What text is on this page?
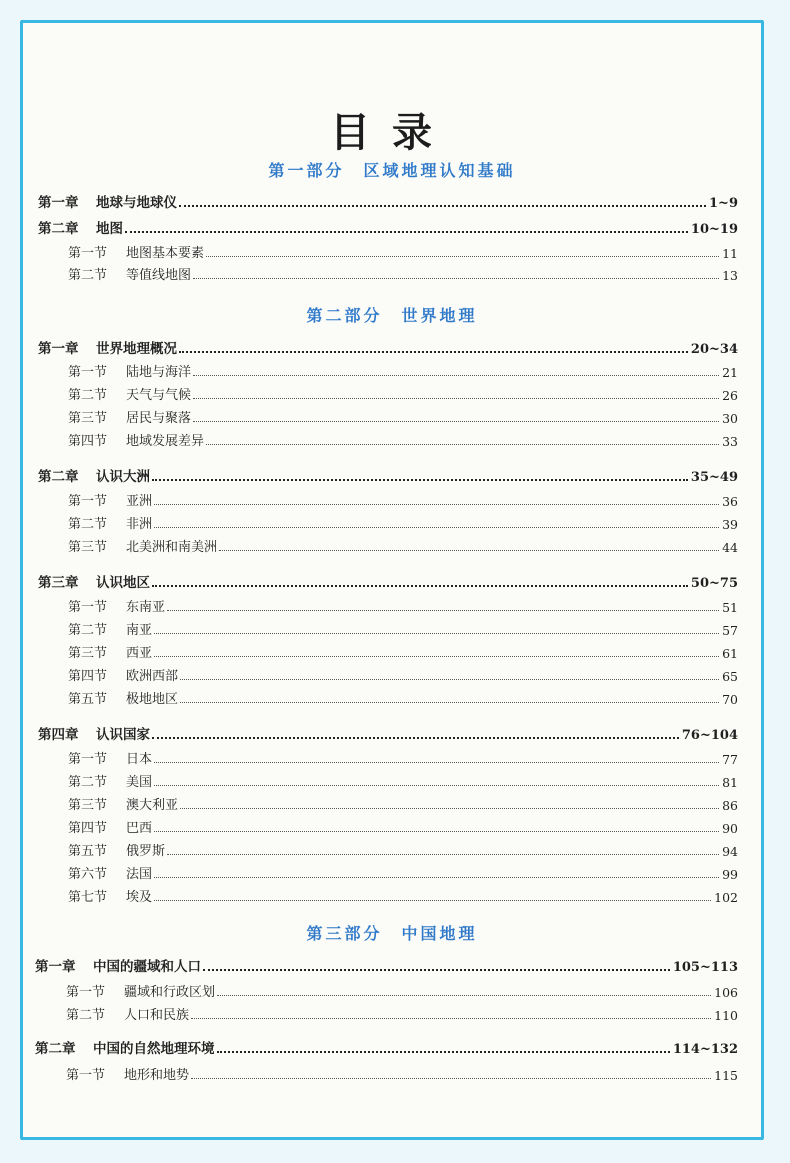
目录
第一部分　区域地理认知基础
第二部分　世界地理
第三部分　中国地理
第一章	地球与地球仪	1~9
第二章	地图	10~19
第一节	地图基本要素	11
第二节	等值线地图	13
第一章	世界地理概况	20~34
第一节	陆地与海洋	21
第二节	天气与气候	26
第三节	居民与聚落	30
第四节	地域发展差异	33
第二章	认识大洲	35~49
第一节	亚洲	36
第二节	非洲	39
第三节	北美洲和南美洲	44
第三章	认识地区	50~75
第一节	东南亚	51
第二节	南亚	57
第三节	西亚	61
第四节	欧洲西部	65
第五节	极地地区	70
第四章	认识国家	76~104
第一节	日本	77
第二节	美国	81
第三节	澳大利亚	86
第四节	巴西	90
第五节	俄罗斯	94
第六节	法国	99
第七节	埃及	102
第一章	中国的疆域和人口	105~113
第一节	疆域和行政区划	106
第二节	人口和民族	110
第二章	中国的自然地理环境	114~132
第一节	地形和地势	115
